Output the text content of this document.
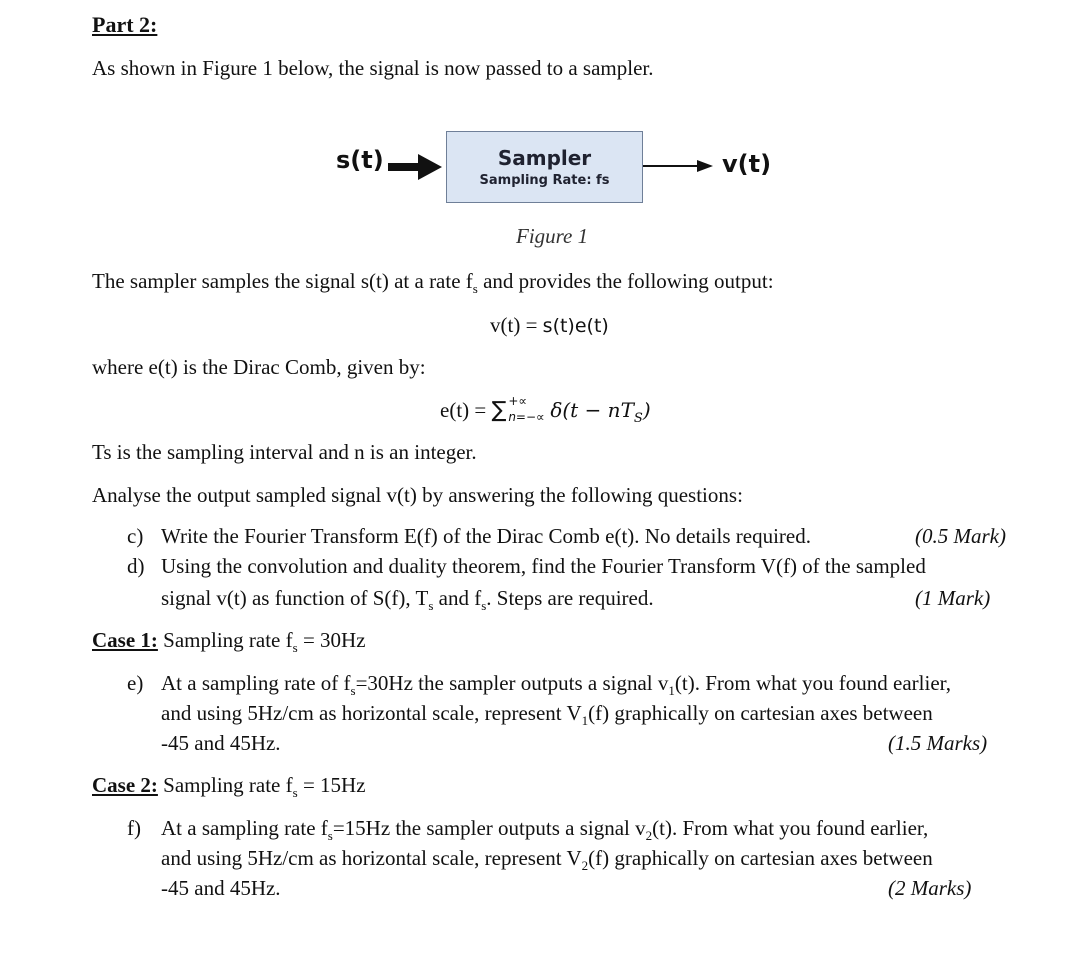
Part 2:
As shown in Figure 1 below, the signal is now passed to a sampler.
s(t)	Sampler
Sampling Rate: fs
v(t)
Figure 1
The sampler samples the signal s(t) at a rate $f_s$ and provides the following output:
v(t) = s(t)e(t)
where e(t) is the Dirac Comb, given by:
e(t) = ∑ +∝
$n=-\propto \delta(t - nT_S)$
Ts is the sampling interval and n is an integer.
Analyse the output sampled signal v(t) by answering the following questions:
c) Write the Fourier Transform E(f) of the Dirac Comb e(t). No details required.	(0.5 Mark)
d) Using the convolution and duality theorem, find the Fourier Transform V(f) of the sampled
signal v(t) as function of S(f), $T_s$ and $f_s$. Steps are required.	(1 Mark)
Case 1: Sampling rate $f_s = 30Hz$
e) At a sampling rate of $f_s=30Hz$ the sampler outputs a signal $v_1(t)$. From what you found earlier,
and using 5Hz/cm as horizontal scale, represent $V_1(f)$ graphically on cartesian axes between
-45 and 45Hz.	(1.5 Marks)
Case 2: Sampling rate $f_s = 15Hz$
f) At a sampling rate $f_s=15Hz$ the sampler outputs a signal $v_2(t)$. From what you found earlier,
and using 5Hz/cm as horizontal scale, represent $V_2(f)$ graphically on cartesian axes between
-45 and 45Hz.	(2 Marks)
